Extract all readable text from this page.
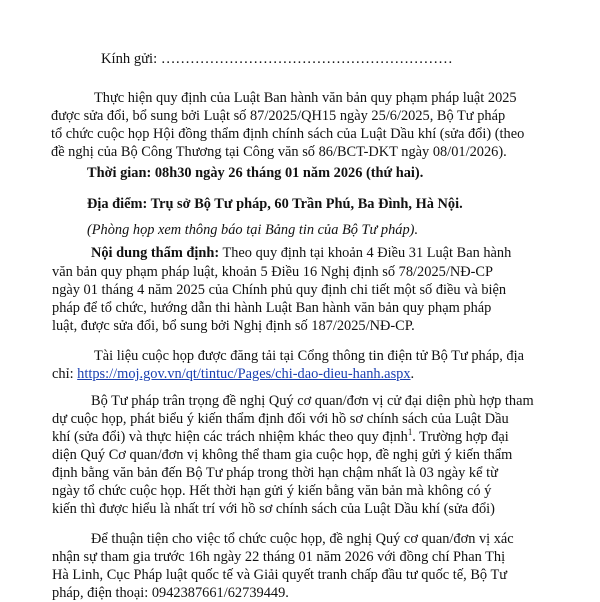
Kính gửi: ……………………………………………………
Thực hiện quy định của Luật Ban hành văn bản quy phạm pháp luật 2025
được sửa đổi, bổ sung bởi Luật số 87/2025/QH15 ngày 25/6/2025, Bộ Tư pháp
tổ chức cuộc họp Hội đồng thẩm định chính sách của Luật Dầu khí (sửa đổi) (theo
đề nghị của Bộ Công Thương tại Công văn số 86/BCT-DKT ngày 08/01/2026).
Thời gian: 08h30 ngày 26 tháng 01 năm 2026 (thứ hai).
Địa điểm: Trụ sở Bộ Tư pháp, 60 Trần Phú, Ba Đình, Hà Nội.
(Phòng họp xem thông báo tại Bảng tin của Bộ Tư pháp).
Nội dung thẩm định: Theo quy định tại khoản 4 Điều 31 Luật Ban hành
văn bản quy phạm pháp luật, khoản 5 Điều 16 Nghị định số 78/2025/NĐ-CP
ngày 01 tháng 4 năm 2025 của Chính phủ quy định chi tiết một số điều và biện
pháp để tổ chức, hướng dẫn thi hành Luật Ban hành văn bản quy phạm pháp
luật, được sửa đổi, bổ sung bởi Nghị định số 187/2025/NĐ-CP.
Tài liệu cuộc họp được đăng tải tại Cổng thông tin điện tử Bộ Tư pháp, địa
chỉ: https://moj.gov.vn/qt/tintuc/Pages/chi-dao-dieu-hanh.aspx.
Bộ Tư pháp trân trọng đề nghị Quý cơ quan/đơn vị cử đại diện phù hợp tham
dự cuộc họp, phát biểu ý kiến thẩm định đối với hồ sơ chính sách của Luật Dầu
khí (sửa đổi) và thực hiện các trách nhiệm khác theo quy định$^1$. Trường hợp đại
diện Quý Cơ quan/đơn vị không thể tham gia cuộc họp, đề nghị gửi ý kiến thẩm
định bằng văn bản đến Bộ Tư pháp trong thời hạn chậm nhất là 03 ngày kể từ
ngày tổ chức cuộc họp. Hết thời hạn gửi ý kiến bằng văn bản mà không có ý
kiến thì được hiểu là nhất trí với hồ sơ chính sách của Luật Dầu khí (sửa đổi)
Để thuận tiện cho việc tổ chức cuộc họp, đề nghị Quý cơ quan/đơn vị xác
nhận sự tham gia trước 16h ngày 22 tháng 01 năm 2026 với đồng chí Phan Thị
Hà Linh, Cục Pháp luật quốc tế và Giải quyết tranh chấp đầu tư quốc tế, Bộ Tư
pháp, điện thoại: 0942387661/62739449.
